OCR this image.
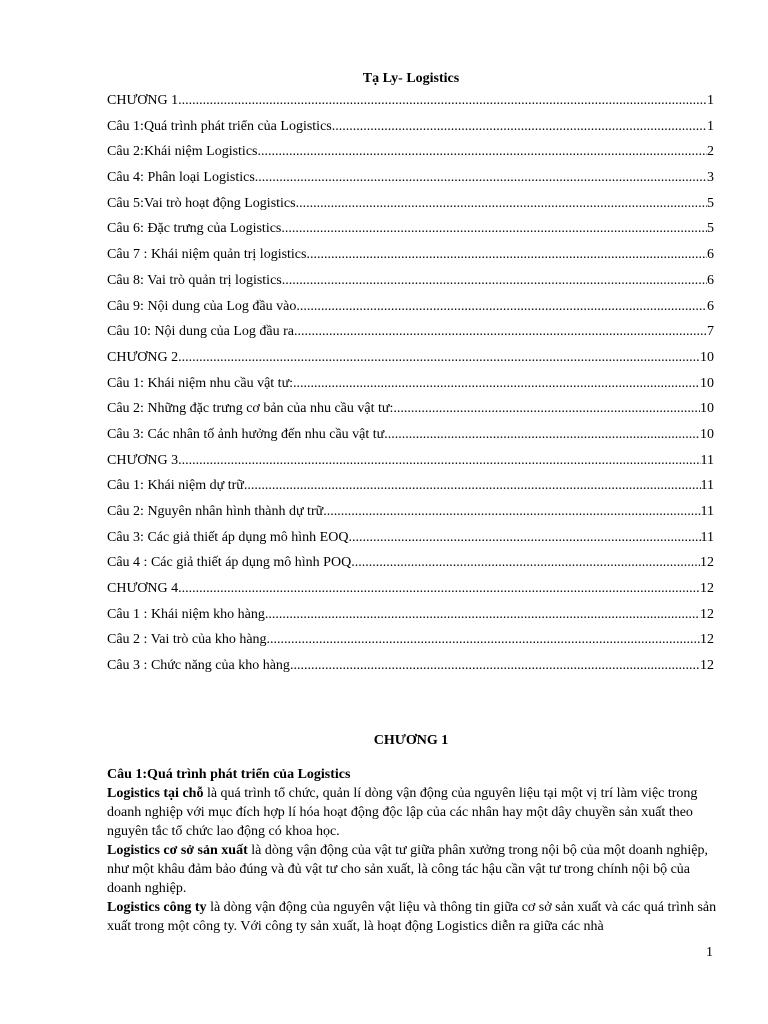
Tạ Ly- Logistics
CHƯƠNG 1 .....	1
Câu 1:Quá trình phát triển của Logistics .....	1
Câu 2:Khái niệm Logistics .....	2
Câu 4: Phân loại Logistics .....	3
Câu 5:Vai trò hoạt động Logistics .....	5
Câu 6: Đặc trưng của Logistics .....	5
Câu 7 : Khái niệm quản trị logistics .....	6
Câu 8: Vai trò quản trị logistics .....	6
Câu 9: Nội dung của Log đầu vào .....	6
Câu 10: Nội dung của Log đầu ra .....	7
CHƯƠNG 2 .....	10
Câu 1: Khái niệm nhu cầu vật tư: .....	10
Câu 2: Những đặc trưng cơ bản của nhu cầu vật tư: .....	10
Câu 3: Các nhân tố ảnh hưởng đến nhu cầu vật tư .....	10
CHƯƠNG 3 .....	11
Câu 1: Khái niệm dự trữ .....	11
Câu 2: Nguyên nhân hình thành dự trữ .....	11
Câu 3: Các giả thiết áp dụng mô hình EOQ .....	11
Câu 4 : Các giả thiết áp dụng mô hình POQ .....	12
CHƯƠNG 4 .....	12
Câu 1 : Khái niệm kho hàng .....	12
Câu 2 : Vai trò của kho hàng .....	12
Câu 3 : Chức năng của kho hàng .....	12
CHƯƠNG 1

Câu 1:Quá trình phát triển của Logistics

Logistics tại chỗ là quá trình tổ chức, quản lí dòng vận động của nguyên liệu tại một vị trí làm việc trong doanh nghiệp với mục đích hợp lí hóa hoạt động độc lập của các nhân hay một dây chuyền sản xuất theo nguyên tắc tổ chức lao động có khoa học.

Logistics cơ sở sản xuất là dòng vận động của vật tư giữa phân xưởng trong nội bộ của một doanh nghiệp, như một khâu đảm bảo đúng và đủ vật tư cho sản xuất, là công tác hậu cần vật tư trong chính nội bộ của doanh nghiệp.

Logistics công ty là dòng vận động của nguyên vật liệu và thông tin giữa cơ sở sản xuất và các quá trình sản xuất trong một công ty. Với công ty sản xuất, là hoạt động Logistics diễn ra giữa các nhà

1
